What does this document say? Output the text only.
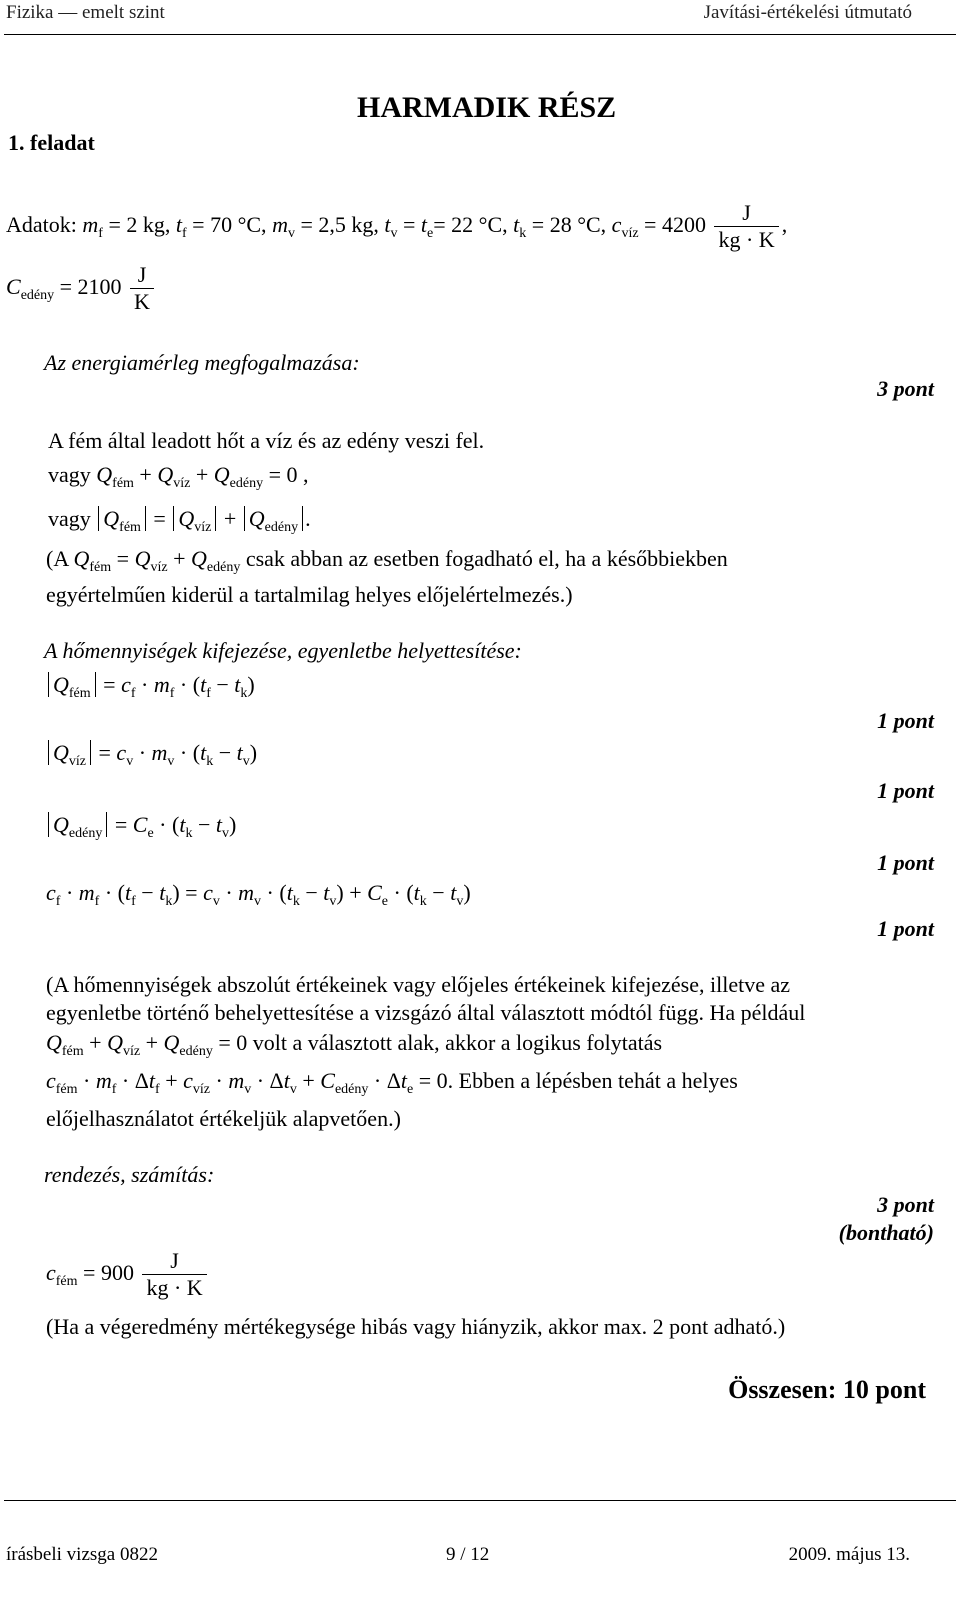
Fizika — emelt szint	Javítási-értékelési útmutató
HARMADIK RÉSZ
1. feladat
Adatok: $m_f = 2$ kg, $t_f = 70$ °C, $m_v = 2,5$ kg, $t_v = t_e= 22$ °C, $t_k = 28$ °C, $c_{víz} = 4200 \frac{J}{kg \cdot K}$ ,
$C_{edény} = 2100 \frac{J}{K}$
Az energiamérleg megfogalmazása:
3 pont
A fém által leadott hőt a víz és az edény veszi fel.
vagy $Q_{fém} + Q_{víz} + Q_{edény} = 0$ ,
vagy $Q_{fém} = Q_{víz} + Q_{edény}$ .
(A $Q_{fém} = Q_{víz} + Q_{edény}$ csak abban az esetben fogadható el, ha a későbbiekben
egyértelműen kiderül a tartalmilag helyes előjelértelmezés.)
A hőmennyiségek kifejezése, egyenletbe helyettesítése:
$Q_{fém} = c_f \cdot m_f \cdot (t_f - t_k)$
1 pont
$Q_{víz} = c_v \cdot m_v \cdot (t_k - t_v)$
1 pont
$Q_{edény} = C_e \cdot (t_k - t_v)$
1 pont
$c_f \cdot m_f \cdot (t_f - t_k) = c_v \cdot m_v \cdot (t_k - t_v) + C_e \cdot (t_k - t_v)$
1 pont
(A hőmennyiségek abszolút értékeinek vagy előjeles értékeinek kifejezése, illetve az
egyenletbe történő behelyettesítése a vizsgázó által választott módtól függ. Ha például
$Q_{fém} + Q_{víz} + Q_{edény} = 0$ volt a választott alak, akkor a logikus folytatás
$c_{fém} \cdot m_f \cdot \Delta t_f + c_{víz} \cdot m_v \cdot \Delta t_v + C_{edény} \cdot \Delta t_e = 0$. Ebben a lépésben tehát a helyes
előjelhasználatot értékeljük alapvetően.)
rendezés, számítás:
3 pont
(bontható)
$c_{fém} = 900 \frac{J}{kg \cdot K}$
(Ha a végeredmény mértékegysége hibás vagy hiányzik, akkor max. 2 pont adható.)
Összesen: 10 pont
írásbeli vizsga 0822	9 / 12	2009. május 13.
